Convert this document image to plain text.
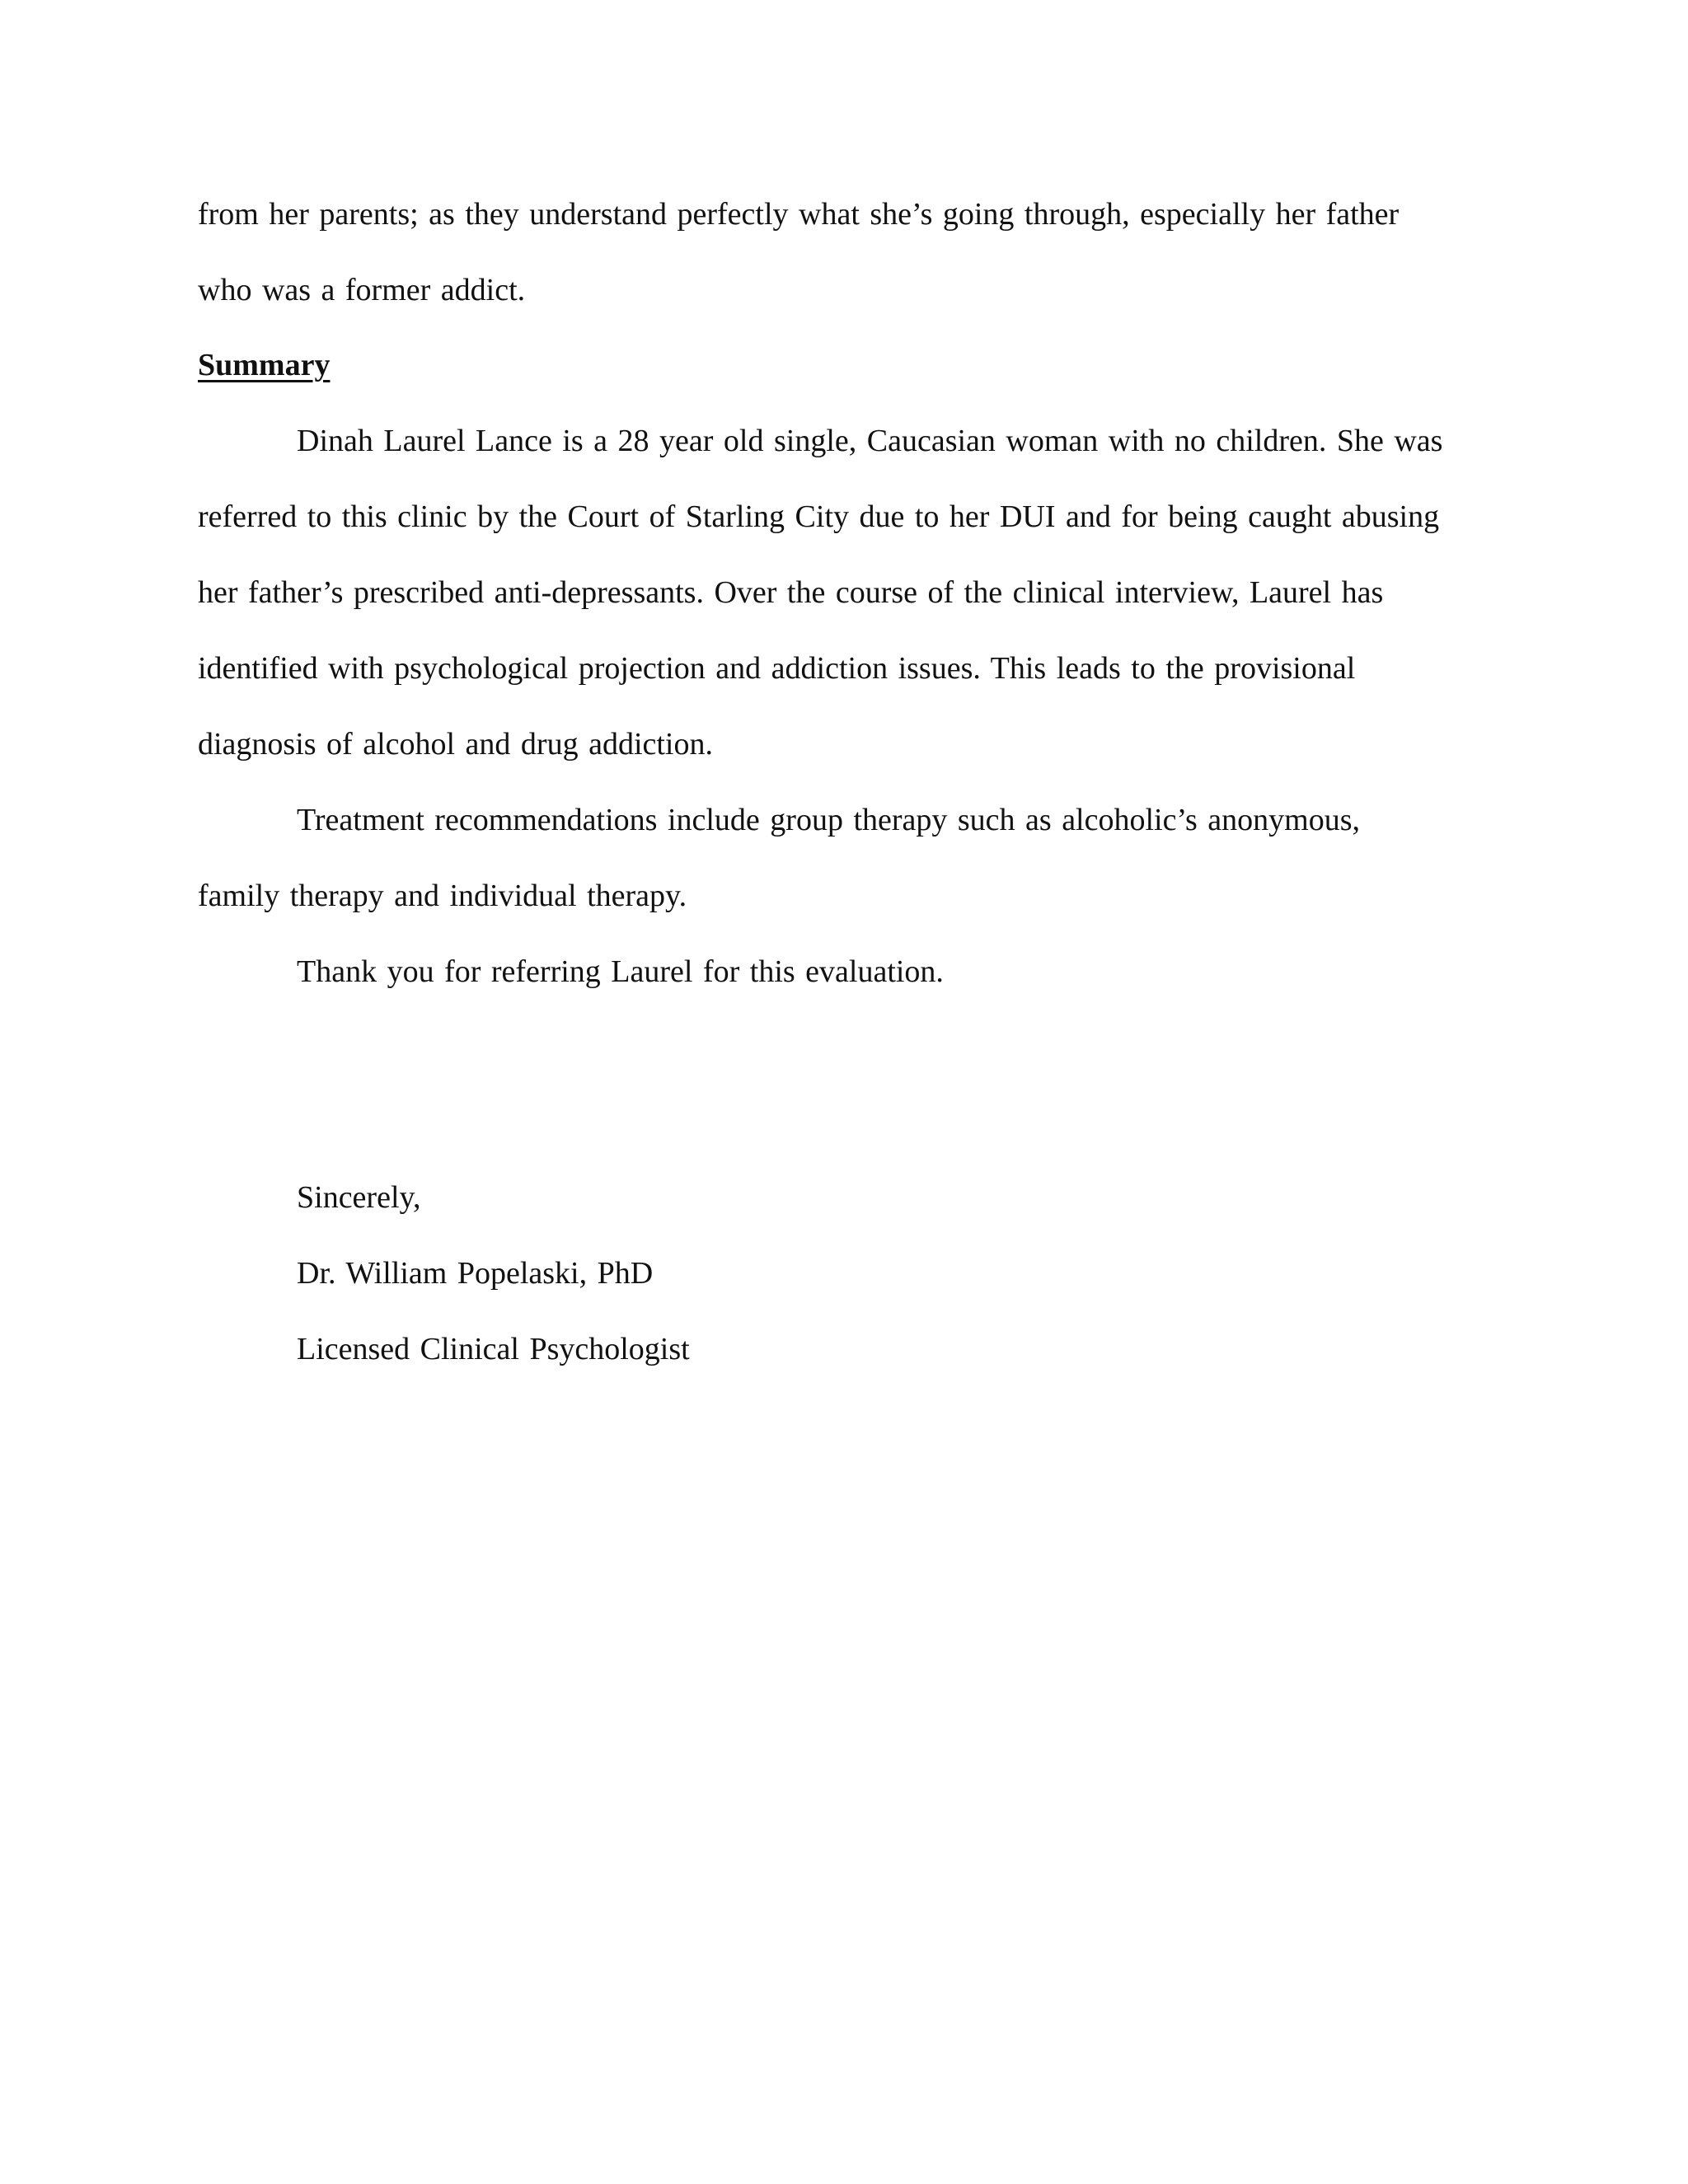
from her parents; as they understand perfectly what she’s going through, especially her father
who was a former addict.
Summary
Dinah Laurel Lance is a 28 year old single, Caucasian woman with no children. She was
referred to this clinic by the Court of Starling City due to her DUI and for being caught abusing
her father’s prescribed anti-depressants. Over the course of the clinical interview, Laurel has
identified with psychological projection and addiction issues. This leads to the provisional
diagnosis of alcohol and drug addiction.
Treatment recommendations include group therapy such as alcoholic’s anonymous,
family therapy and individual therapy.
Thank you for referring Laurel for this evaluation.
Sincerely,
Dr. William Popelaski, PhD
Licensed Clinical Psychologist
